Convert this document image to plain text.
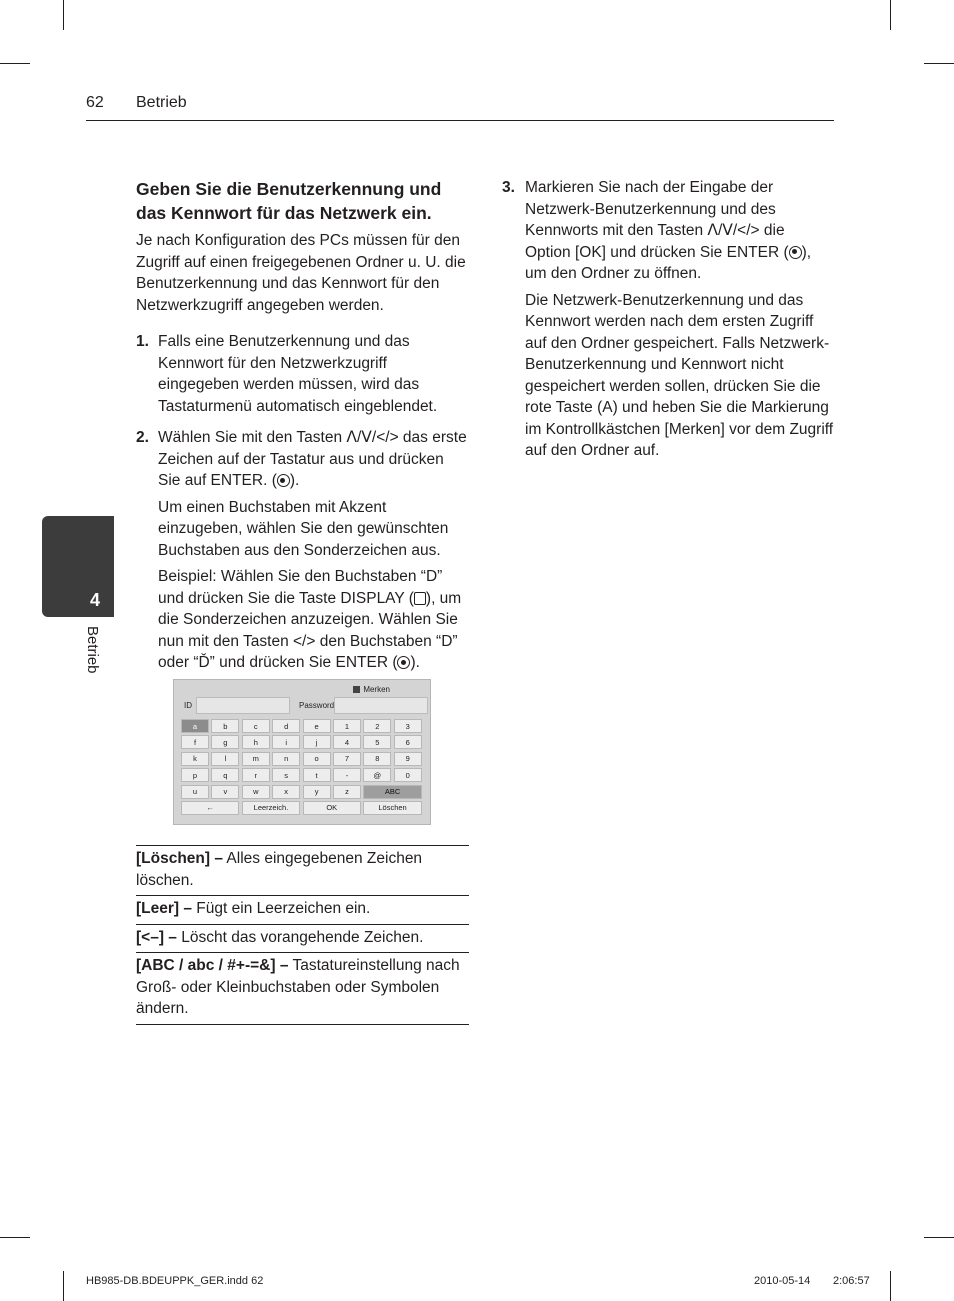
62 Betrieb
4
Betrieb
Geben Sie die Benutzerkennung und das Kennwort für das Netzwerk ein.

Je nach Konfiguration des PCs müssen für den Zugriff auf einen freigegebenen Ordner u. U. die Benutzerkennung und das Kennwort für den Netzwerkzugriff angegeben werden.

1. Falls eine Benutzerkennung und das Kennwort für den Netzwerkzugriff eingegeben werden müssen, wird das Tastaturmenü automatisch eingeblendet.
2. Wählen Sie mit den Tasten ᐱ/ᐯ/</> das erste Zeichen auf der Tastatur aus und drücken Sie auf ENTER. ( ).
Um einen Buchstaben mit Akzent einzugeben, wählen Sie den gewünschten Buchstaben aus den Sonderzeichen aus.
Beispiel: Wählen Sie den Buchstaben “D” und drücken Sie die Taste DISPLAY ( ), um die Sonderzeichen anzuzeigen. Wählen Sie nun mit den Tasten </> den Buchstaben “D” oder “Ď” und drücken Sie ENTER ( ).
Merken
ID	Password
a	b	c	d	e	1	2	3
f	g	h	i	j	4	5	6
k	l	m	n	o	7	8	9
p	q	r	s	t	-	@	0
u	v	w	x	y	z	ABC
←	Leerzeich.	OK	Löschen
[Löschen] – Alles eingegebenen Zeichen löschen.
[Leer] – Fügt ein Leerzeichen ein.
[<–] – Löscht das vorangehende Zeichen.
[ABC / abc / #+-=&] – Tastatureinstellung nach Groß- oder Kleinbuchstaben oder Symbolen ändern.
3. Markieren Sie nach der Eingabe der Netzwerk-Benutzerkennung und des Kennworts mit den Tasten ᐱ/ᐯ/</> die Option [OK] und drücken Sie ENTER ( ), um den Ordner zu öffnen.
Die Netzwerk-Benutzerkennung und das Kennwort werden nach dem ersten Zugriff auf den Ordner gespeichert. Falls Netzwerk-Benutzerkennung und Kennwort nicht gespeichert werden sollen, drücken Sie die rote Taste (A) und heben Sie die Markierung im Kontrollkästchen [Merken] vor dem Zugriff auf den Ordner auf.
HB985-DB.BDEUPPK_GER.indd 62	2010-05-14 2:06:57
